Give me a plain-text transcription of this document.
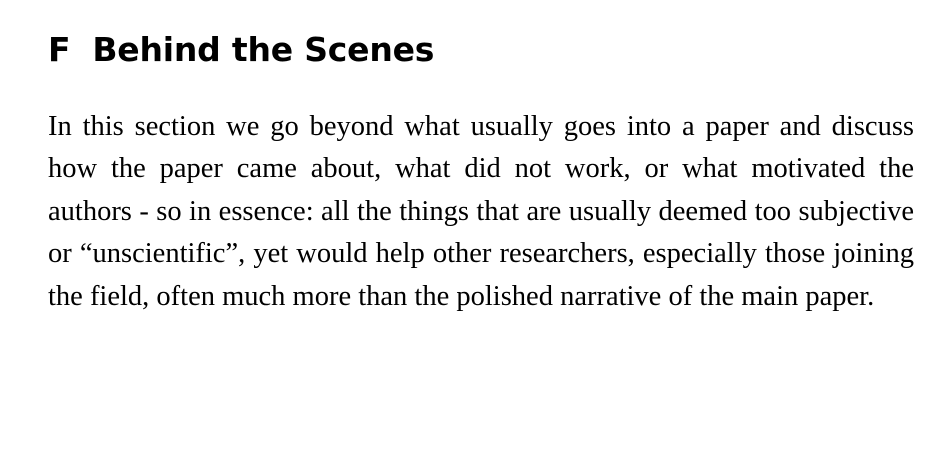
F Behind the Scenes

In this section we go beyond what usually goes into a paper and discuss how the paper came about, what did not work, or what motivated the authors - so in essence: all the things that are usually deemed too subjective or “unscientific”, yet would help other researchers, especially those joining the field, often much more than the polished narrative of the main paper.
